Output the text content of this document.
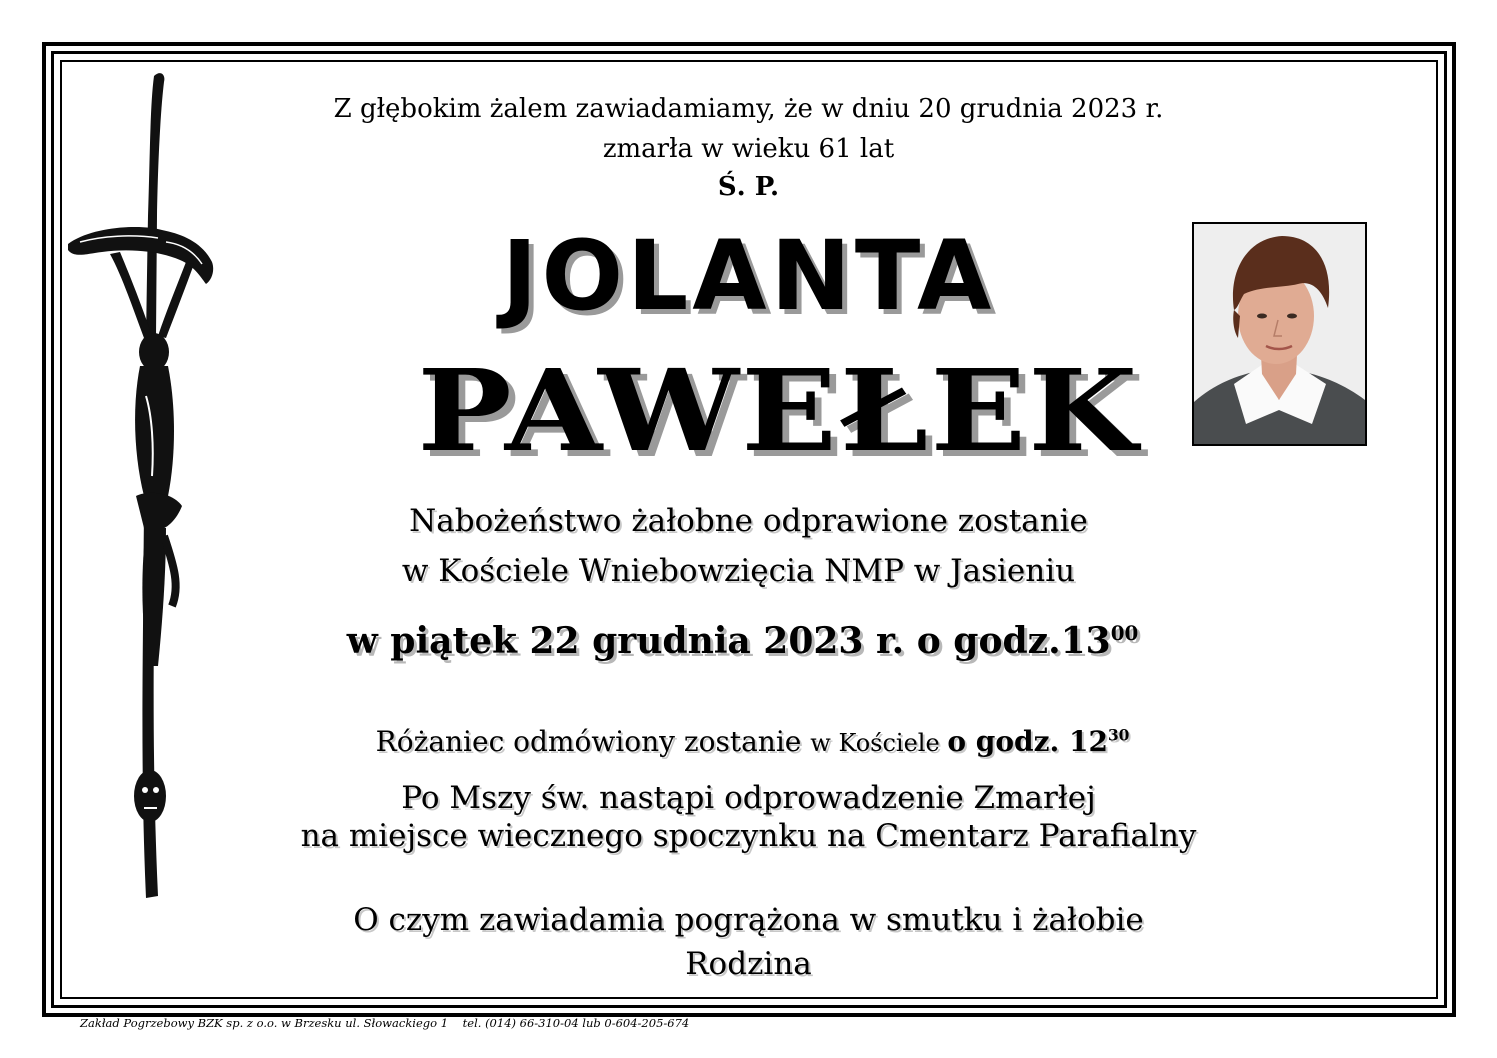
Z głębokim żalem zawiadamiamy, że w dniu 20 grudnia 2023 r.
zmarła w wieku 61 lat
Ś. P.
JOLANTA
PAWEŁEK
Nabożeństwo żałobne odprawione zostanie
w Kościele Wniebowzięcia NMP w Jasieniu
w piątek 22 grudnia 2023 r. o $godz.13^{00}$
Różaniec odmówiony zostanie w Kościele o godz. $12^{30}$
Po Mszy św. nastąpi odprowadzenie Zmarłej
na miejsce wiecznego spoczynku na Cmentarz Parafialny
O czym zawiadamia pogrążona w smutku i żałobie
Rodzina
Zakład Pogrzebowy BZK sp. z o.o. w Brzesku ul. Słowackiego 1 tel. (014) 66-310-04 lub 0-604-205-674
